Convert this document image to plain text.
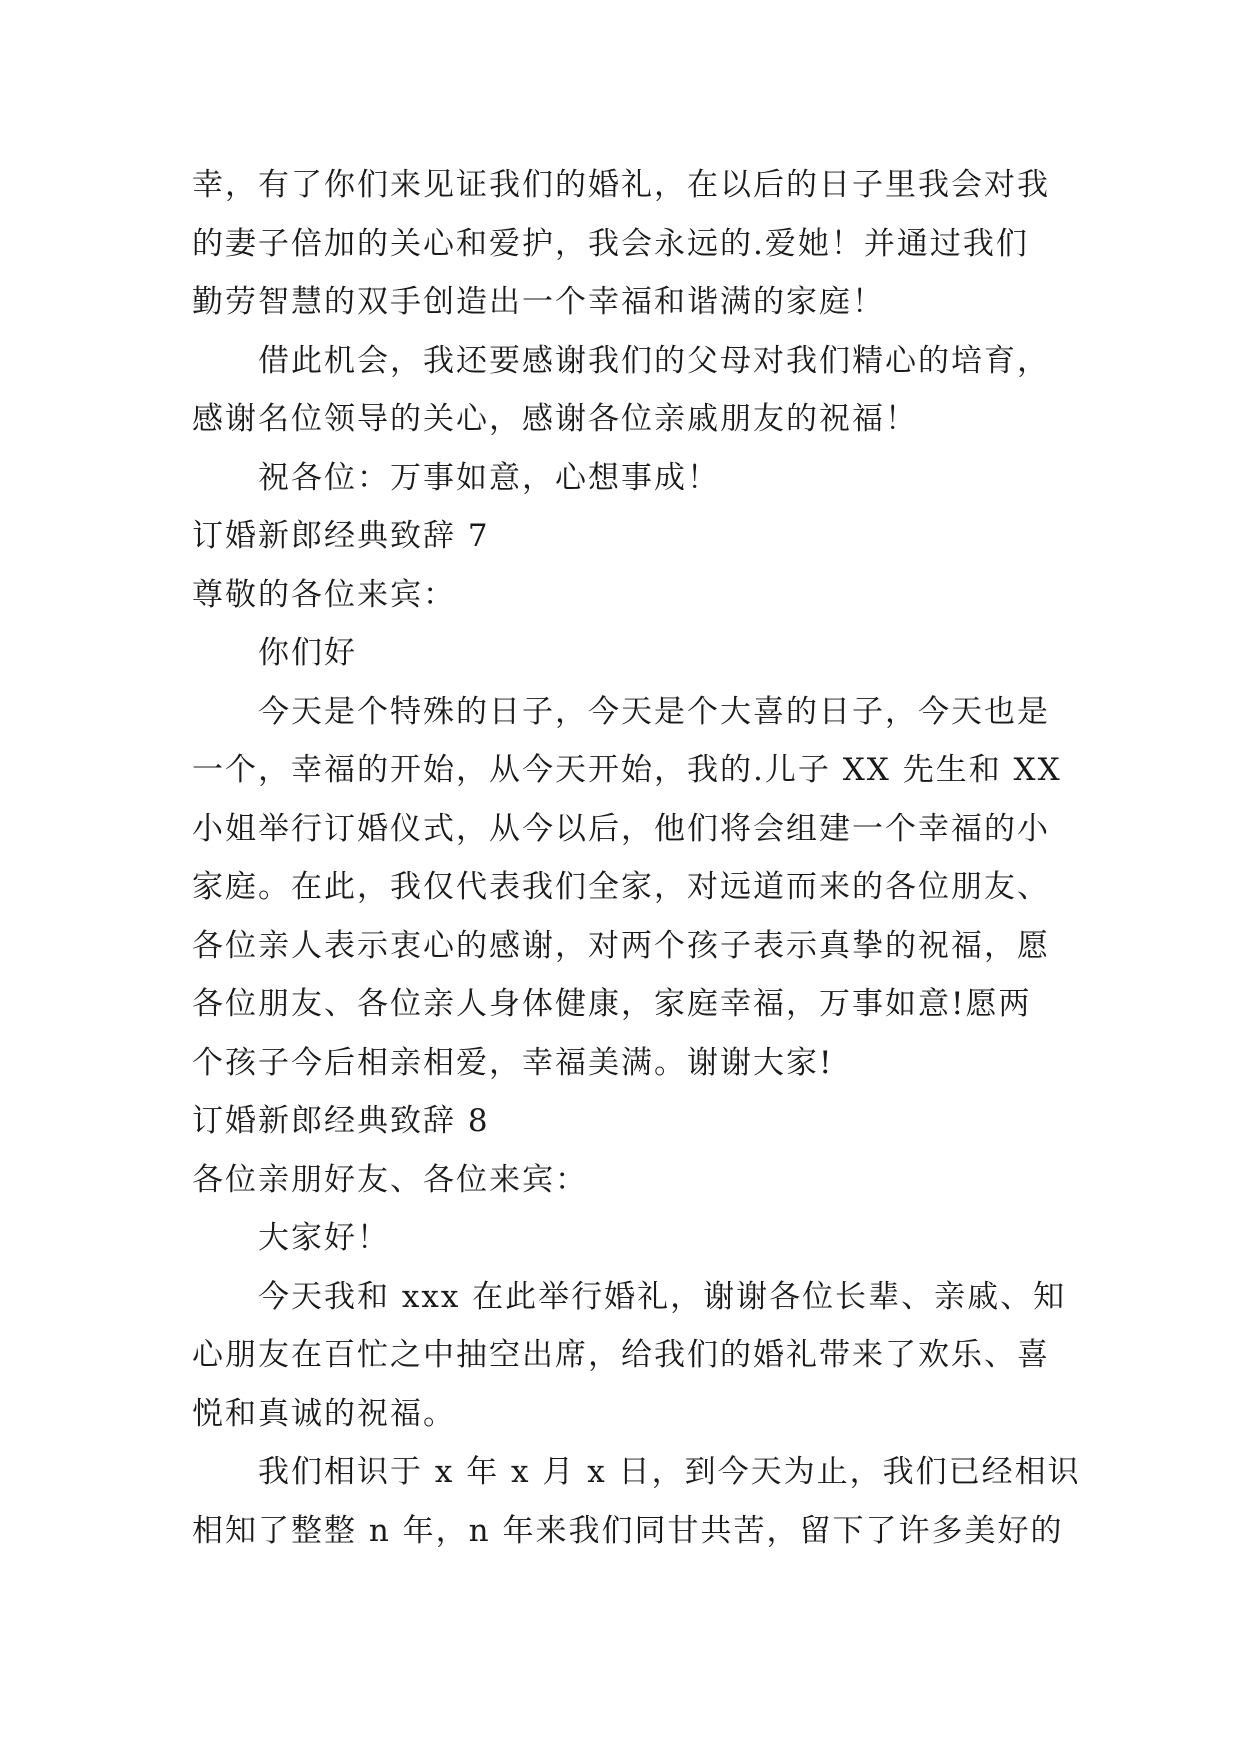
幸，有了你们来见证我们的婚礼，在以后的日子里我会对我
的妻子倍加的关心和爱护，我会永远的.爱她！并通过我们
勤劳智慧的双手创造出一个幸福和谐满的家庭！
借此机会，我还要感谢我们的父母对我们精心的培育，
感谢名位领导的关心，感谢各位亲戚朋友的祝福！
祝各位：万事如意，心想事成！
订婚新郎经典致辞 7
尊敬的各位来宾：
你们好
今天是个特殊的日子，今天是个大喜的日子，今天也是
一个，幸福的开始，从今天开始，我的.儿子 XX 先生和 XX
小姐举行订婚仪式，从今以后，他们将会组建一个幸福的小
家庭。在此，我仅代表我们全家，对远道而来的各位朋友、
各位亲人表示衷心的感谢，对两个孩子表示真挚的祝福，愿
各位朋友、各位亲人身体健康，家庭幸福，万事如意!愿两
个孩子今后相亲相爱，幸福美满。谢谢大家!
订婚新郎经典致辞 8
各位亲朋好友、各位来宾：
大家好！
今天我和 xxx 在此举行婚礼，谢谢各位长辈、亲戚、知
心朋友在百忙之中抽空出席，给我们的婚礼带来了欢乐、喜
悦和真诚的祝福。
我们相识于 x 年 x 月 x 日，到今天为止，我们已经相识
相知了整整 n 年，n 年来我们同甘共苦，留下了许多美好的
